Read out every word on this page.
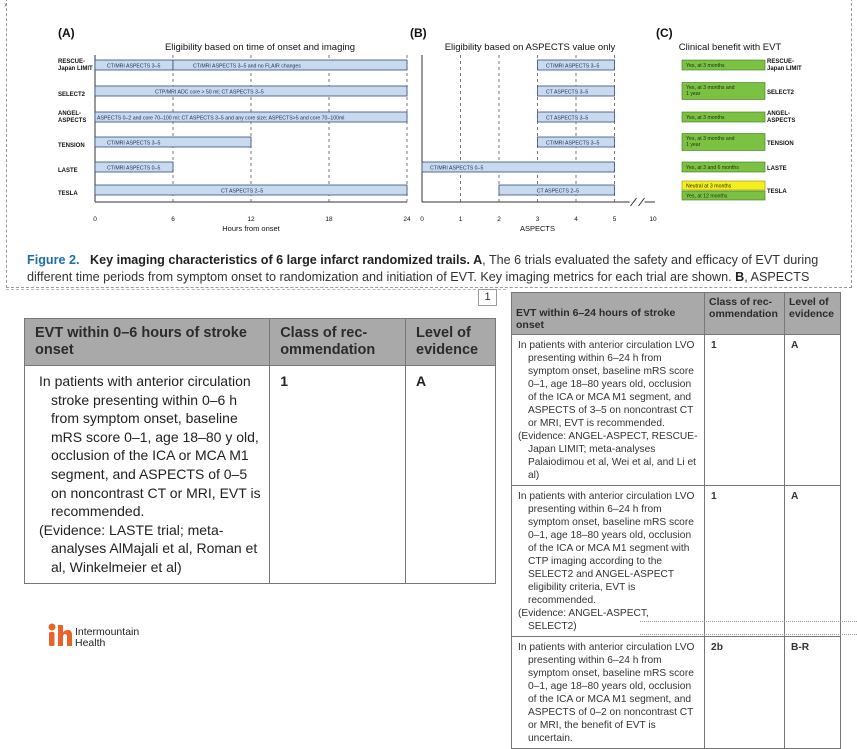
›
(A)
Eligibility based on time of onset and imaging
0	6	12	18	24
Hours from onset
RESCUE-Japan LIMIT
SELECT2
ANGEL-ASPECTS
TENSION
LASTE
TESLA
CT/MRI ASPECTS 3–5	CT/MRI ASPECTS 3–5 and no FLAIR changes
CTP/MRI ADC core > 50 ml; CT ASPECTS 3–5
ASPECTS 0–2 and core 70–100 ml; CT ASPECTS 3–5 and any core size; ASPECTS>5 and core 70–100ml
CT/MRI ASPECTS 3–5
CT/MRI ASPECTS 0–5
CT ASPECTS 2–5
(B)
Eligibility based on ASPECTS value only
0	1	2	3	4	5	10
ASPECTS
CT/MRI ASPECTS 3–5
CT ASPECTS 3–5
CT ASPECTS 3–5
CT/MRI ASPECTS 3–5
CT/MRI ASPECTS 0–5
CT ASPECTS 2–5
(C)
Clinical benefit with EVT
Yes, at 3 months
RESCUE-Japan LIMIT
Yes, at 3 months and 1 year	SELECT2
Yes, at 3 months
ANGEL-ASPECTS
Yes, at 3 months and 1 year	TENSION
Yes, at 3 and 6 months	LASTE
Neutral at 3 months
Yes, at 12 months
TESLA
Figure 2. Key imaging characteristics of 6 large infarct randomized trails. A, The 6 trials evaluated the safety and efficacy of EVT during different time periods from symptom onset to randomization and initiation of EVT. Key imaging metrics for each trial are shown. B, ASPECTS
1
EVT within 0–6 hours of stroke onset	Class of rec-ommendation	Level of evidence

In patients with anterior circulation stroke presenting within 0–6 h from symptom onset, baseline mRS score 0–1, age 18–80 y old, occlusion of the ICA or MCA M1 segment, and ASPECTS of 0–5 on noncontrast CT or MRI, EVT is recommended.
(Evidence: LASTE trial; meta-analyses AlMajali et al, Roman et al, Winkelmeier et al)	1	A
EVT within 6–24 hours of stroke onset	Class of rec-ommendation	Level of evidence

In patients with anterior circulation LVO presenting within 6–24 h from symptom onset, baseline mRS score 0–1, age 18–80 years old, occlusion of the ICA or MCA M1 segment, and ASPECTS of 3–5 on noncontrast CT or MRI, EVT is recommended.
(Evidence: ANGEL-ASPECT, RESCUE-Japan LIMIT; meta-analyses Palaiodimou et al, Wei et al, and Li et al)	1	A

In patients with anterior circulation LVO presenting within 6–24 h from symptom onset, baseline mRS score 0–1, age 18–80 years old, occlusion of the ICA or MCA M1 segment with CTP imaging according to the SELECT2 and ANGEL-ASPECT eligibility criteria, EVT is recommended.
(Evidence: ANGEL-ASPECT, SELECT2)	1	A

In patients with anterior circulation LVO presenting within 6–24 h from symptom onset, baseline mRS score 0–1, age 18–80 years old, occlusion of the ICA or MCA M1 segment, and ASPECTS of 0–2 on noncontrast CT or MRI, the benefit of EVT is uncertain.	2b	B-R
Intermountain
Health
